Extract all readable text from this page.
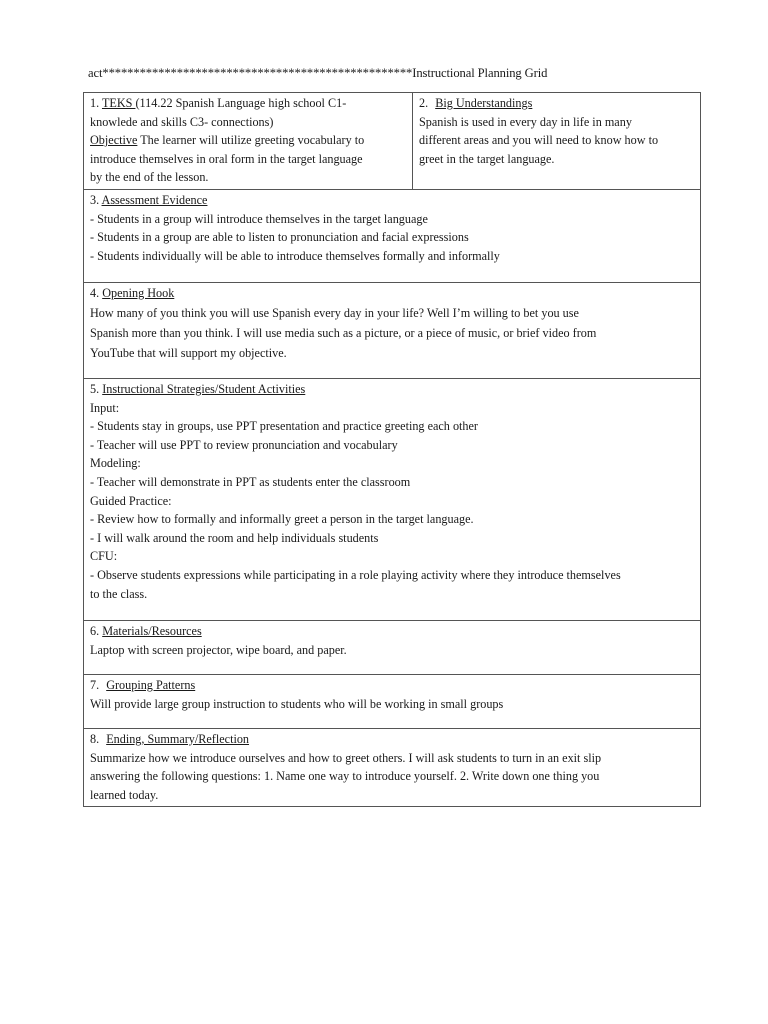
act**************************************************Instructional Planning Grid
1. TEKS (114.22 Spanish Language high school C1-
knowlede and skills C3- connections)
Objective The learner will utilize greeting vocabulary to
introduce themselves in oral form in the target language
by the end of the lesson.

2. Big Understandings
Spanish is used in every day in life in many
different areas and you will need to know how to
greet in the target language.

3. Assessment Evidence
- Students in a group will introduce themselves in the target language
- Students in a group are able to listen to pronunciation and facial expressions
- Students individually will be able to introduce themselves formally and informally

4. Opening Hook
How many of you think you will use Spanish every day in your life? Well I’m willing to bet you use
Spanish more than you think. I will use media such as a picture, or a piece of music, or brief video from
YouTube that will support my objective.

5. Instructional Strategies/Student Activities
Input:
- Students stay in groups, use PPT presentation and practice greeting each other
- Teacher will use PPT to review pronunciation and vocabulary
Modeling:
- Teacher will demonstrate in PPT as students enter the classroom
Guided Practice:
- Review how to formally and informally greet a person in the target language.
- I will walk around the room and help individuals students
CFU:
- Observe students expressions while participating in a role playing activity where they introduce themselves
to the class.

6. Materials/Resources
Laptop with screen projector, wipe board, and paper.

7. Grouping Patterns
Will provide large group instruction to students who will be working in small groups

8. Ending, Summary/Reflection
Summarize how we introduce ourselves and how to greet others. I will ask students to turn in an exit slip
answering the following questions: 1. Name one way to introduce yourself. 2. Write down one thing you
learned today.
